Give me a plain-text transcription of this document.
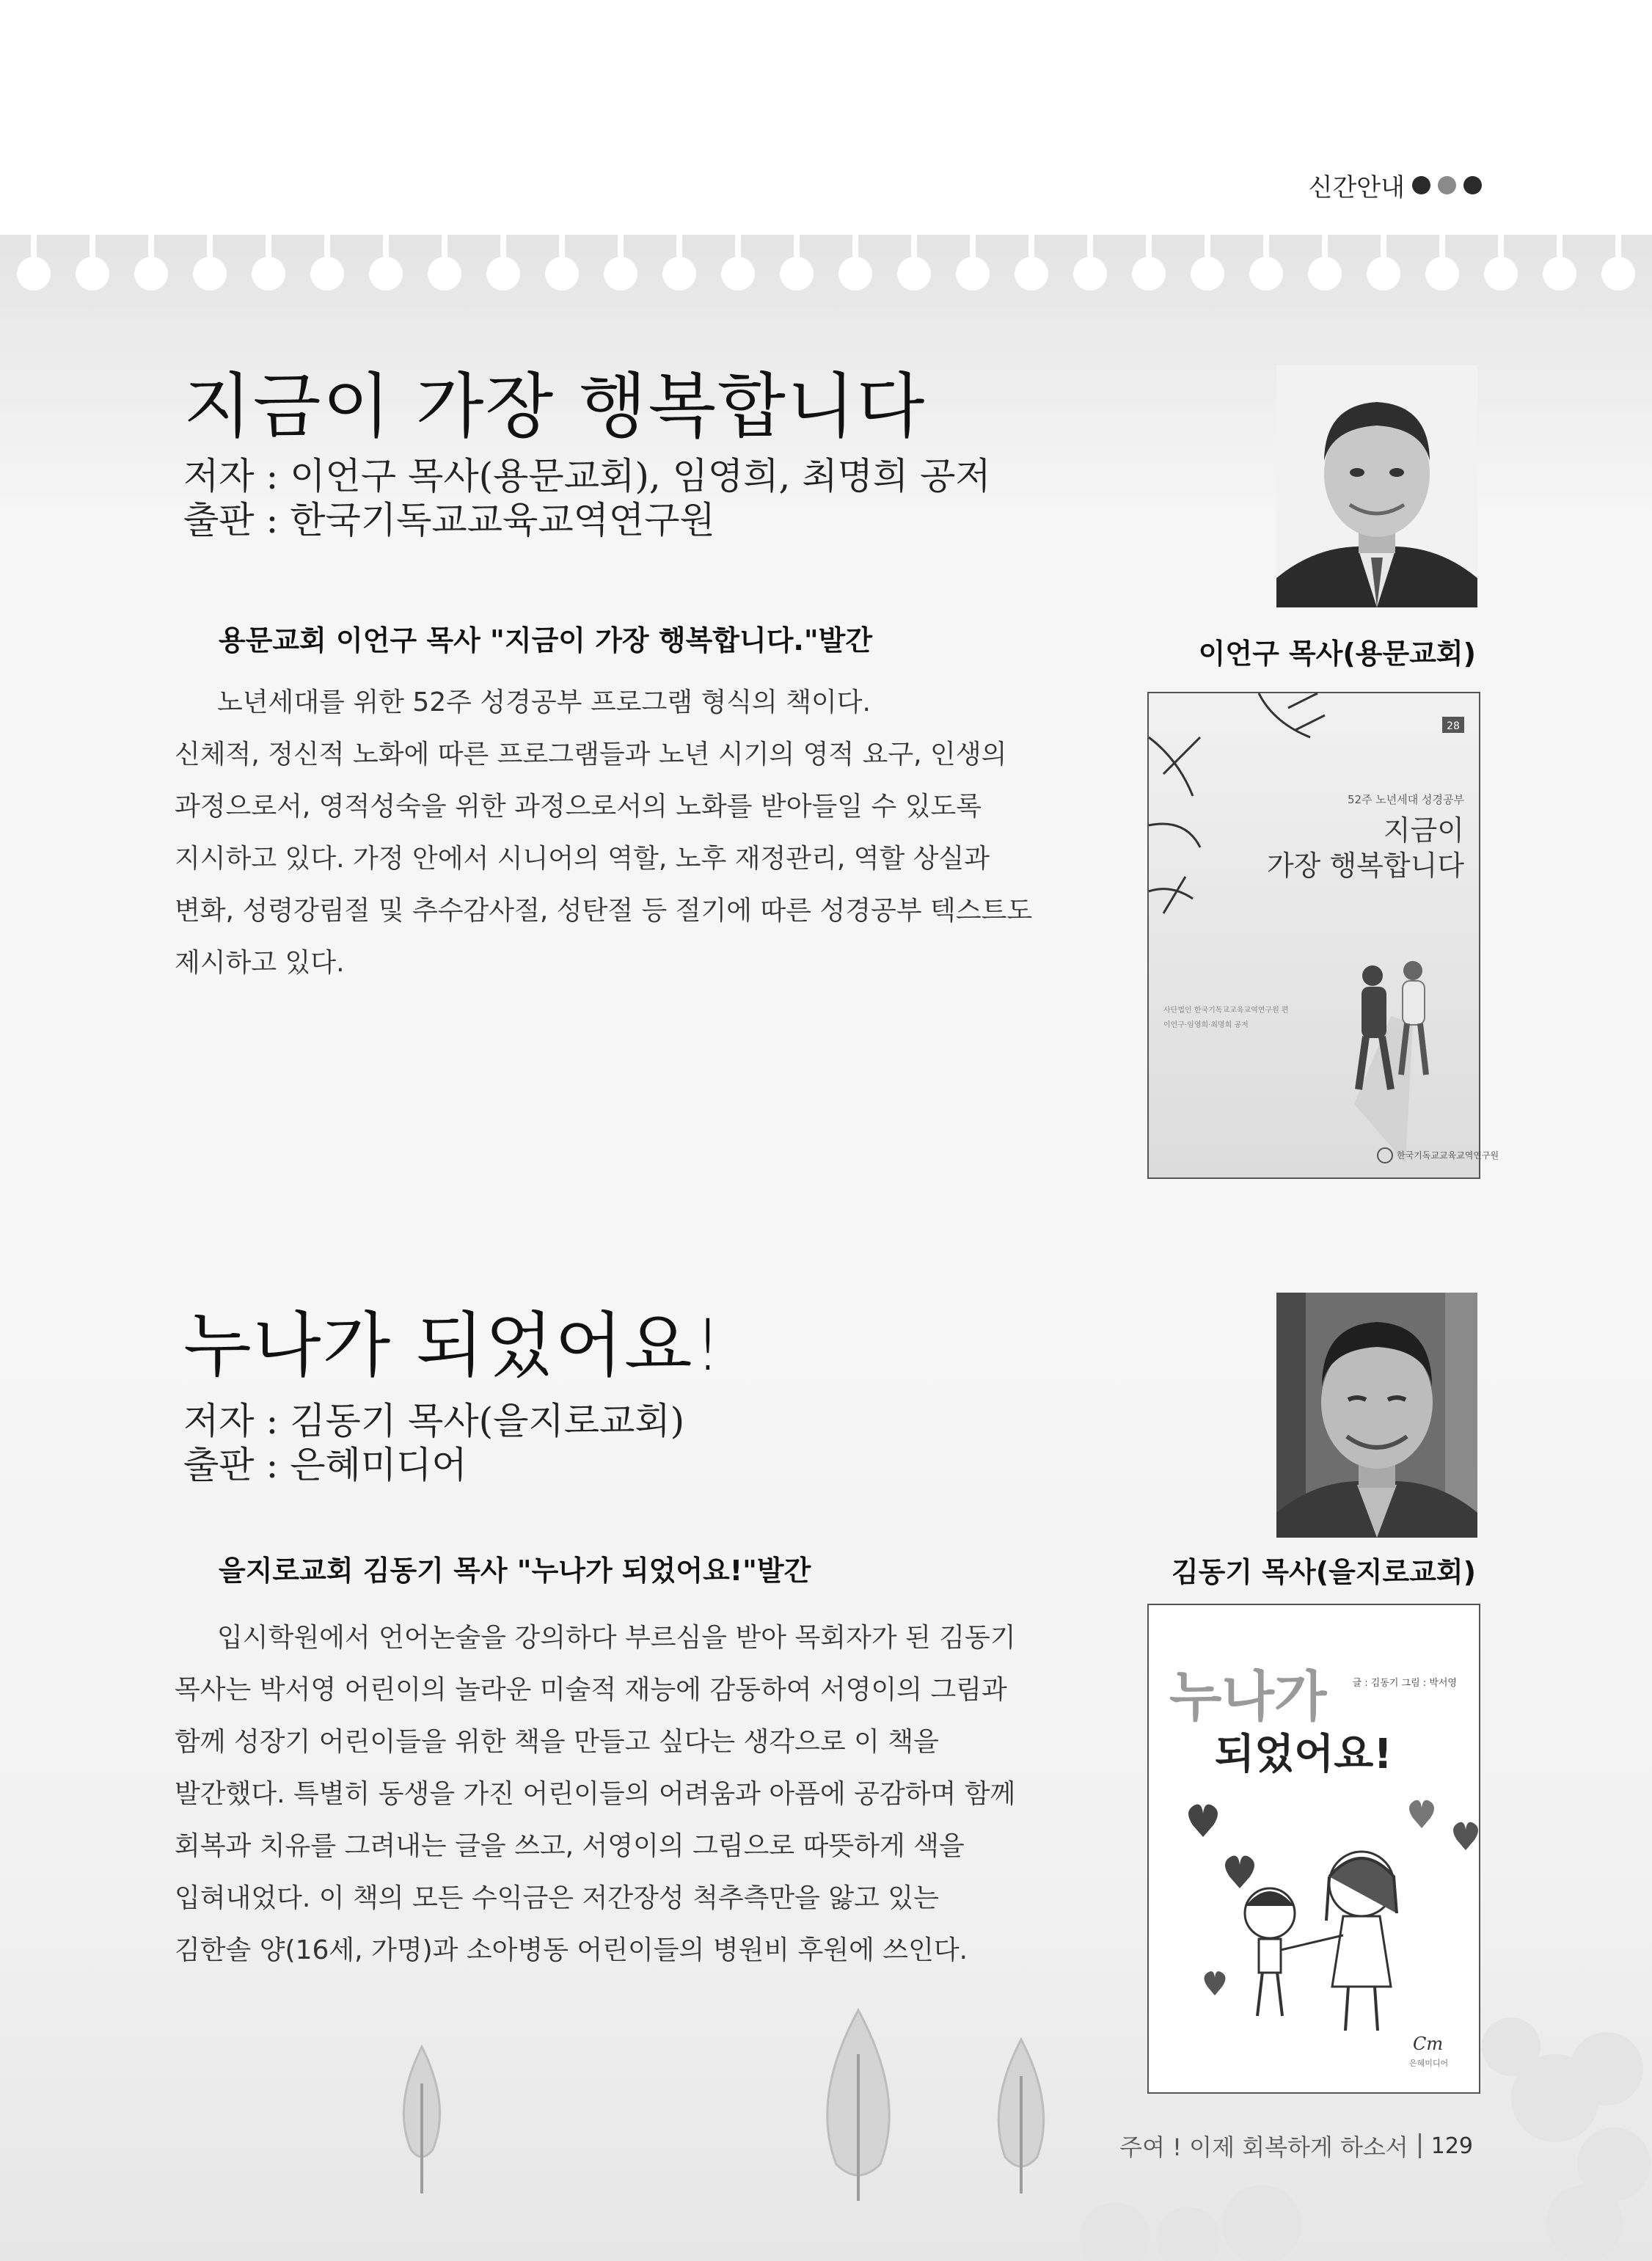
신간안내
지금이 가장 행복합니다
저자 : 이언구 목사(용문교회), 임영희, 최명희 공저
출판 : 한국기독교교육교역연구원
용문교회 이언구 목사 "지금이 가장 행복합니다."발간

노년세대를 위한 52주 성경공부 프로그램 형식의 책이다.

신체적, 정신적 노화에 따른 프로그램들과 노년 시기의 영적 요구, 인생의

과정으로서, 영적성숙을 위한 과정으로서의 노화를 받아들일 수 있도록

지시하고 있다. 가정 안에서 시니어의 역할, 노후 재정관리, 역할 상실과

변화, 성령강림절 및 추수감사절, 성탄절 등 절기에 따른 성경공부 텍스트도

제시하고 있다.

이언구 목사(용문교회)
28
52주 노년세대 성경공부
지금이
가장 행복합니다
사단법인 한국기독교교육교역연구원 편
이언구·임영희·최명희 공저
한국기독교교육교역연구원
누나가 되었어요!
저자 : 김동기 목사(을지로교회)
출판 : 은혜미디어
을지로교회 김동기 목사 "누나가 되었어요!"발간

입시학원에서 언어논술을 강의하다 부르심을 받아 목회자가 된 김동기

목사는 박서영 어린이의 놀라운 미술적 재능에 감동하여 서영이의 그림과

함께 성장기 어린이들을 위한 책을 만들고 싶다는 생각으로 이 책을

발간했다. 특별히 동생을 가진 어린이들의 어려움과 아픔에 공감하며 함께

회복과 치유를 그려내는 글을 쓰고, 서영이의 그림으로 따뜻하게 색을

입혀내었다. 이 책의 모든 수익금은 저간장성 척추측만을 앓고 있는

김한솔 양(16세, 가명)과 소아병동 어린이들의 병원비 후원에 쓰인다.

김동기 목사(을지로교회)
누나가
되었어요!
글 : 김동기 그림 : 박서영
Cm
은혜미디어
주여 ! 이제 회복하게 하소서 129
